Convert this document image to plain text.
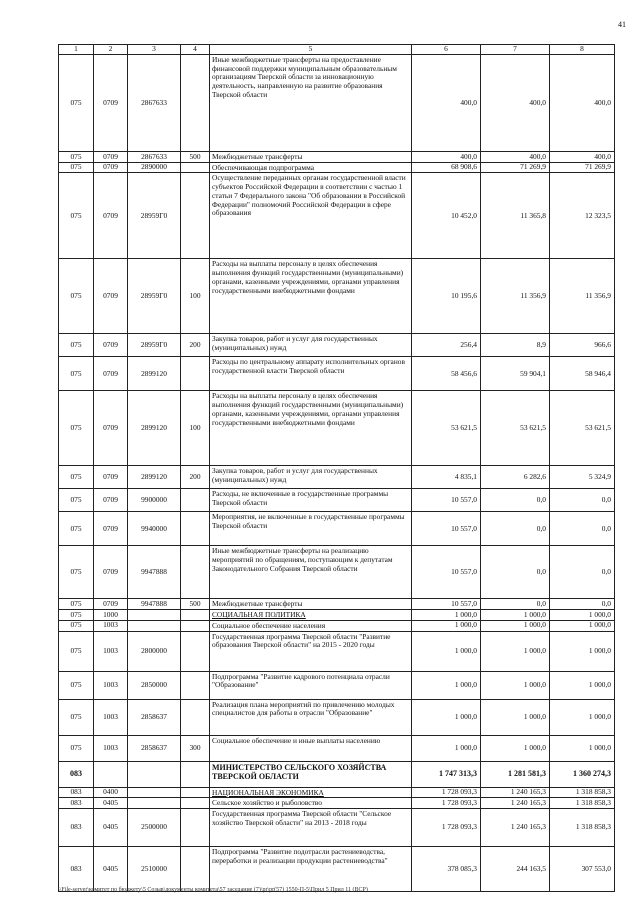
41
1	2	3	4	5	6	7	8
075	0709	2867633		Иные межбюджетные трансферты на предоставление финансовой поддержки муниципальным образовательным организациям Тверской области за инновационную деятельность, направленную на развитие образования Тверской области	400,0	400,0	400,0
075	0709	2867633	500	Межбюджетные трансферты	400,0	400,0	400,0
075	0709	2890000		Обеспечивающая подпрограмма	68 908,6	71 269,9	71 269,9
075	0709	28959Г0		Осуществление переданных органам государственной власти субъектов Российской Федерации в соответствии с частью 1 статьи 7 Федерального закона "Об образовании в Российской Федерации" полномочий Российской Федерации в сфере образования	10 452,0	11 365,8	12 323,5
075	0709	28959Г0	100	Расходы на выплаты персоналу в целях обеспечения выполнения функций государственными (муниципальными) органами, казенными учреждениями, органами управления государственными внебюджетными фондами	10 195,6	11 356,9	11 356,9
075	0709	28959Г0	200	Закупка товаров, работ и услуг для государственных (муниципальных) нужд	256,4	8,9	966,6
075	0709	2899120		Расходы по центральному аппарату исполнительных органов государственной власти Тверской области	58 456,6	59 904,1	58 946,4
075	0709	2899120	100	Расходы на выплаты персоналу в целях обеспечения выполнения функций государственными (муниципальными) органами, казенными учреждениями, органами управления государственными внебюджетными фондами	53 621,5	53 621,5	53 621,5
075	0709	2899120	200	Закупка товаров, работ и услуг для государственных (муниципальных) нужд	4 835,1	6 282,6	5 324,9
075	0709	9900000		Расходы, не включенные в государственные программы Тверской области	10 557,0	0,0	0,0
075	0709	9940000		Мероприятия, не включенные в государственные программы Тверской области	10 557,0	0,0	0,0
075	0709	9947888		Иные межбюджетные трансферты на реализацию мероприятий по обращениям, поступающим к депутатам Законодательного Собрания Тверской области	10 557,0	0,0	0,0
075	0709	9947888	500	Межбюджетные трансферты	10 557,0	0,0	0,0
075	1000			СОЦИАЛЬНАЯ ПОЛИТИКА	1 000,0	1 000,0	1 000,0
075	1003			Социальное обеспечение населения	1 000,0	1 000,0	1 000,0
075	1003	2800000		Государственная программа Тверской области "Развитие образования Тверской области" на 2015 - 2020 годы	1 000,0	1 000,0	1 000,0
075	1003	2850000		Подпрограмма "Развитие кадрового потенциала отрасли "Образование"	1 000,0	1 000,0	1 000,0
075	1003	2858637		Реализация плана мероприятий по привлечению молодых специалистов для работы в отрасли "Образование"	1 000,0	1 000,0	1 000,0
075	1003	2858637	300	Социальное обеспечение и иные выплаты населению	1 000,0	1 000,0	1 000,0
083				МИНИСТЕРСТВО СЕЛЬСКОГО ХОЗЯЙСТВА ТВЕРСКОЙ ОБЛАСТИ	1 747 313,3	1 281 581,3	1 360 274,3
083	0400			НАЦИОНАЛЬНАЯ ЭКОНОМИКА	1 728 093,3	1 240 165,3	1 318 858,3
083	0405			Сельское хозяйство и рыболовство	1 728 093,3	1 240 165,3	1 318 858,3
083	0405	2500000		Государственная программа Тверской области "Сельское хозяйство Тверской области" на 2013 - 2018 годы	1 728 093,3	1 240 165,3	1 318 858,3
083	0405	2510000		Подпрограмма "Развитие подотрасли растениеводства, переработки и реализации продукции растениеводства"	378 085,3	244 163,5	307 553,0
\\File-server\комитет по бюджету\5 Созыв\документы комитета\57 заседание (7)\pr\pr(57) 1550-П-5\Прил 5 Прил 11 (ВСР)
